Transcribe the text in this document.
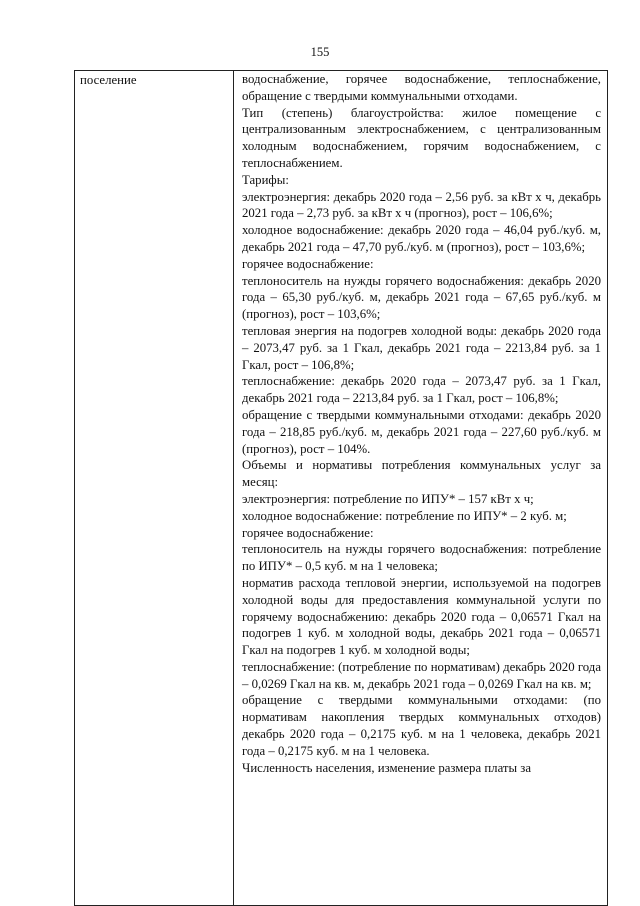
155
поселение	водоснабжение, горячее водоснабжение, теплоснабжение, обращение с твердыми коммунальными отходами.
Тип (степень) благоустройства: жилое помещение с централизованным электроснабжением, с централизованным холодным водоснабжением, горячим водоснабжением, с теплоснабжением.
Тарифы:
электроэнергия: декабрь 2020 года – 2,56 руб. за кВт х ч, декабрь 2021 года – 2,73 руб. за кВт х ч (прогноз), рост – 106,6%;
холодное водоснабжение: декабрь 2020 года – 46,04 руб./куб. м, декабрь 2021 года – 47,70 руб./куб. м (прогноз), рост – 103,6%;
горячее водоснабжение:
теплоноситель на нужды горячего водоснабжения: декабрь 2020 года – 65,30 руб./куб. м, декабрь 2021 года – 67,65 руб./куб. м (прогноз), рост – 103,6%;
тепловая энергия на подогрев холодной воды: декабрь 2020 года – 2073,47 руб. за 1 Гкал, декабрь 2021 года – 2213,84 руб. за 1 Гкал, рост – 106,8%;
теплоснабжение: декабрь 2020 года – 2073,47 руб. за 1 Гкал, декабрь 2021 года – 2213,84 руб. за 1 Гкал, рост – 106,8%;
обращение с твердыми коммунальными отходами: декабрь 2020 года – 218,85 руб./куб. м, декабрь 2021 года – 227,60 руб./куб. м (прогноз), рост – 104%.
Объемы и нормативы потребления коммунальных услуг за месяц:
электроэнергия: потребление по ИПУ* – 157 кВт х ч;
холодное водоснабжение: потребление по ИПУ* – 2 куб. м;
горячее водоснабжение:
теплоноситель на нужды горячего водоснабжения: потребление по ИПУ* – 0,5 куб. м на 1 человека;
норматив расхода тепловой энергии, используемой на подогрев холодной воды для предоставления коммунальной услуги по горячему водоснабжению: декабрь 2020 года – 0,06571 Гкал на подогрев 1 куб. м холодной воды, декабрь 2021 года – 0,06571 Гкал на подогрев 1 куб. м холодной воды;
теплоснабжение: (потребление по нормативам) декабрь 2020 года – 0,0269 Гкал на кв. м, декабрь 2021 года – 0,0269 Гкал на кв. м;
обращение с твердыми коммунальными отходами: (по нормативам накопления твердых коммунальных отходов) декабрь 2020 года – 0,2175 куб. м на 1 человека, декабрь 2021 года – 0,2175 куб. м на 1 человека.
Численность населения, изменение размера платы за
